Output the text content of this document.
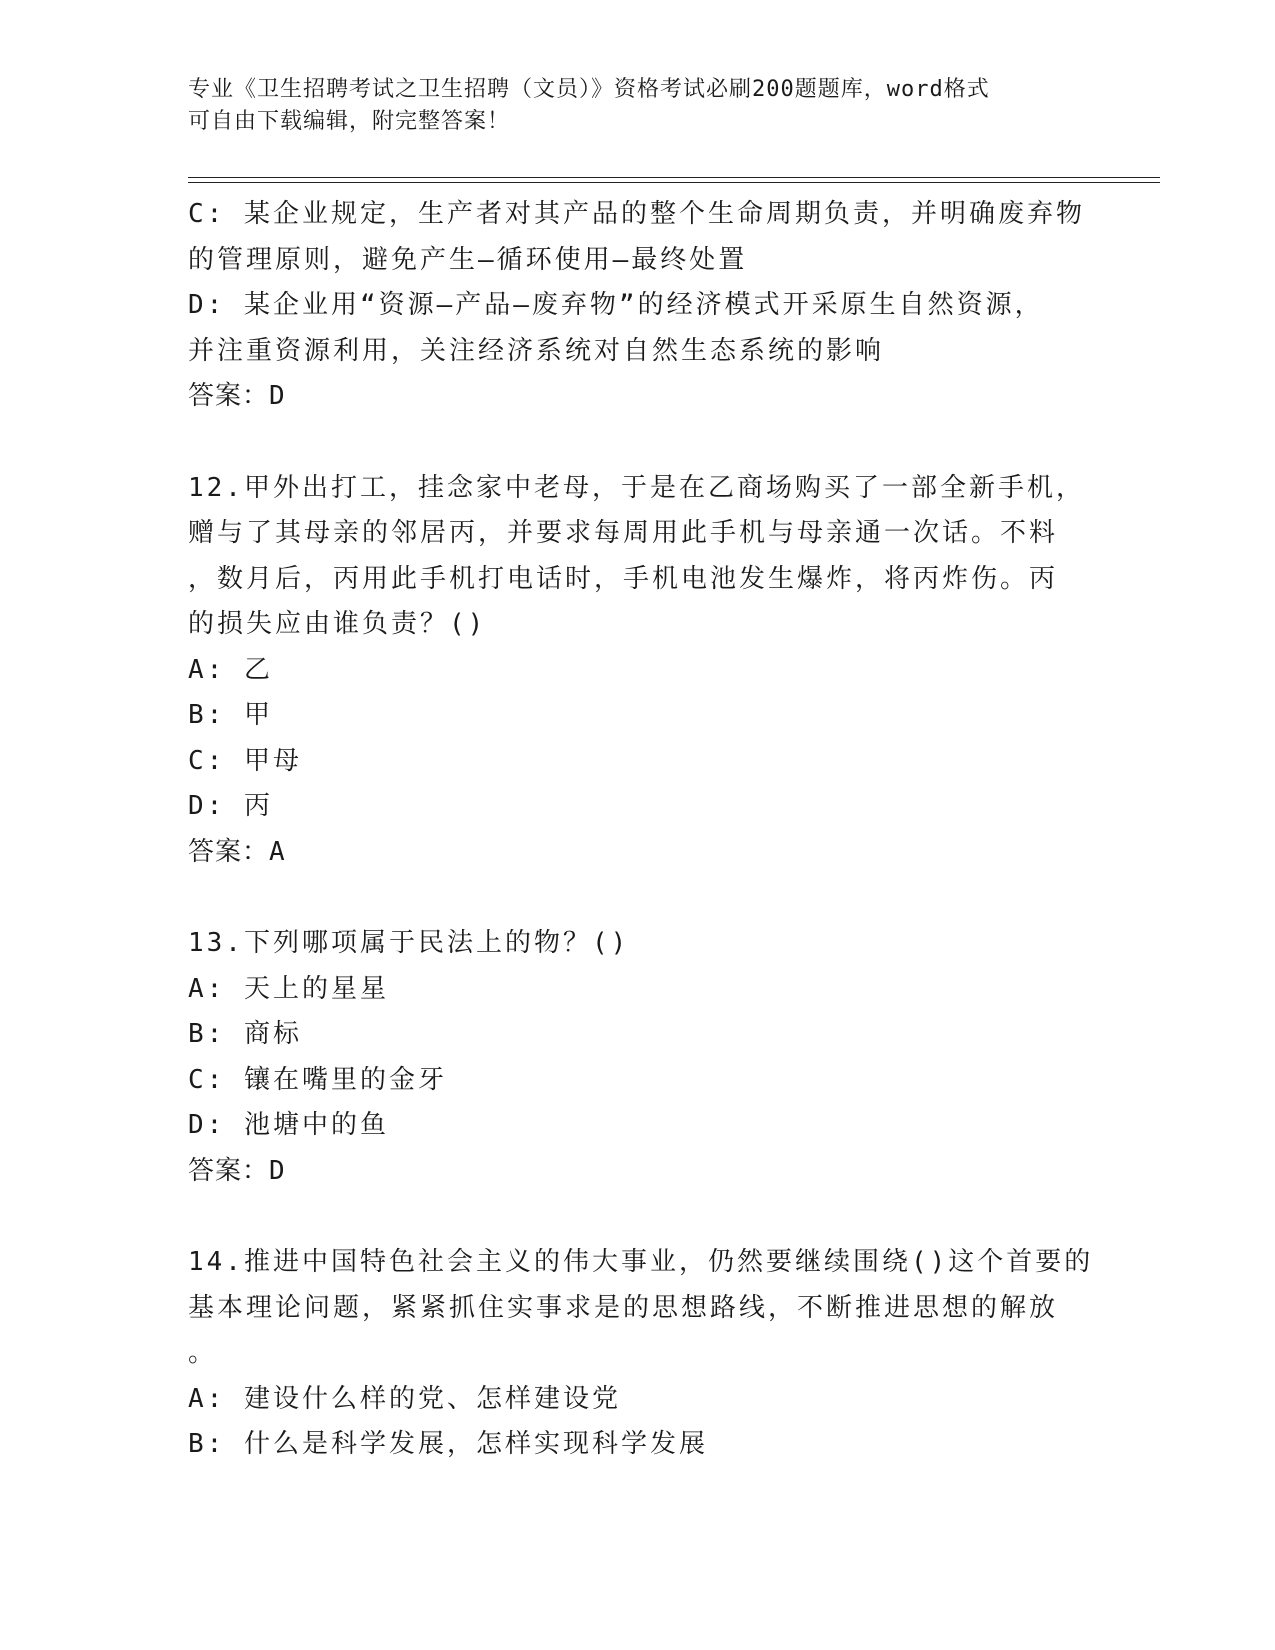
专业《卫生招聘考试之卫生招聘（文员）》资格考试必刷200题题库，word格式
可自由下载编辑，附完整答案！
C: 某企业规定，生产者对其产品的整个生命周期负责，并明确废弃物
的管理原则，避免产生—循环使用—最终处置
D: 某企业用“资源—产品—废弃物”的经济模式开采原生自然资源，
并注重资源利用，关注经济系统对自然生态系统的影响
答案：D
12.甲外出打工，挂念家中老母，于是在乙商场购买了一部全新手机，
赠与了其母亲的邻居丙，并要求每周用此手机与母亲通一次话。不料
，数月后，丙用此手机打电话时，手机电池发生爆炸，将丙炸伤。丙
的损失应由谁负责？()
A: 乙
B: 甲
C: 甲母
D: 丙
答案：A
13.下列哪项属于民法上的物？()
A: 天上的星星
B: 商标
C: 镶在嘴里的金牙
D: 池塘中的鱼
答案：D
14.推进中国特色社会主义的伟大事业，仍然要继续围绕()这个首要的
基本理论问题，紧紧抓住实事求是的思想路线，不断推进思想的解放
。
A: 建设什么样的党、怎样建设党
B: 什么是科学发展，怎样实现科学发展
